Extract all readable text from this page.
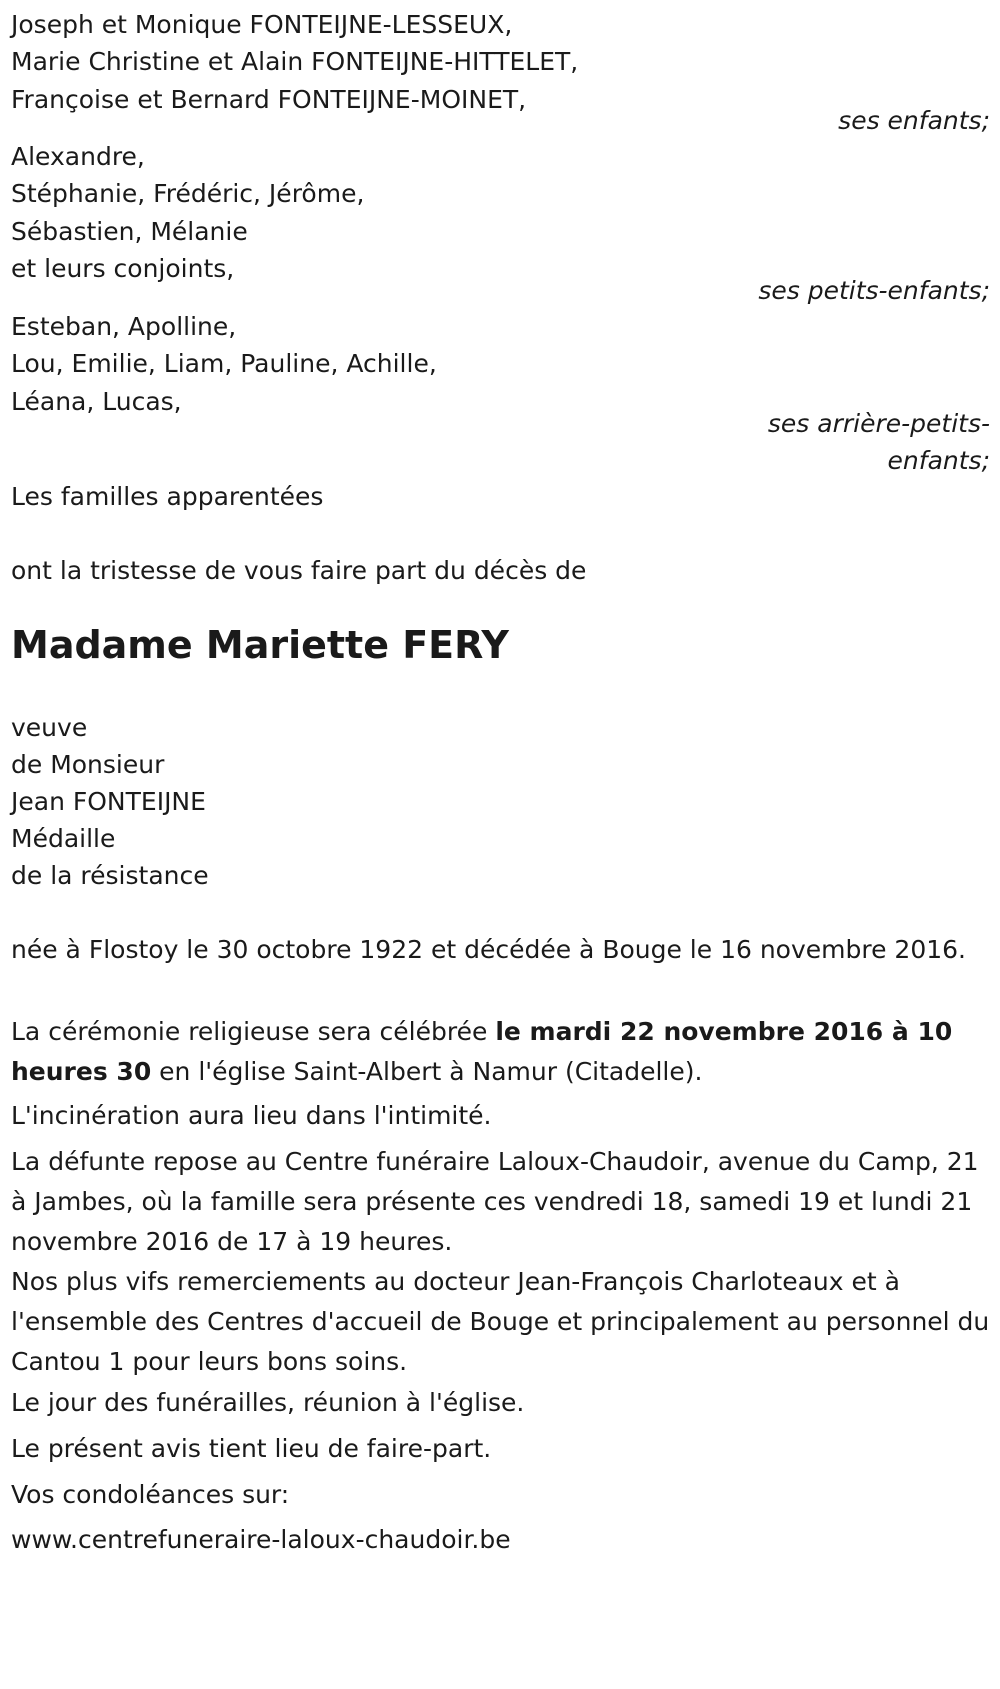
Joseph et Monique FONTEIJNE-LESSEUX,
Marie Christine et Alain FONTEIJNE-HITTELET,
Françoise et Bernard FONTEIJNE-MOINET,
ses enfants;
Alexandre,
Stéphanie, Frédéric, Jérôme,
Sébastien, Mélanie
et leurs conjoints,
ses petits-enfants;
Esteban, Apolline,
Lou, Emilie, Liam, Pauline, Achille,
Léana, Lucas,
ses arrière-petits-
enfants;
Les familles apparentées
ont la tristesse de vous faire part du décès de
Madame Mariette FERY
veuve
de Monsieur
Jean FONTEIJNE
Médaille
de la résistance
née à Flostoy le 30 octobre 1922 et décédée à Bouge le 16 novembre 2016.
La cérémonie religieuse sera célébrée le mardi 22 novembre 2016 à 10 heures 30 en l'église Saint-Albert à Namur (Citadelle).
L'incinération aura lieu dans l'intimité.
La défunte repose au Centre funéraire Laloux-Chaudoir, avenue du Camp, 21 à Jambes, où la famille sera présente ces vendredi 18, samedi 19 et lundi 21 novembre 2016 de 17 à 19 heures.
Nos plus vifs remerciements au docteur Jean-François Charloteaux et à l'ensemble des Centres d'accueil de Bouge et principalement au personnel du Cantou 1 pour leurs bons soins.
Le jour des funérailles, réunion à l'église.
Le présent avis tient lieu de faire-part.
Vos condoléances sur:
www.centrefuneraire-laloux-chaudoir.be
